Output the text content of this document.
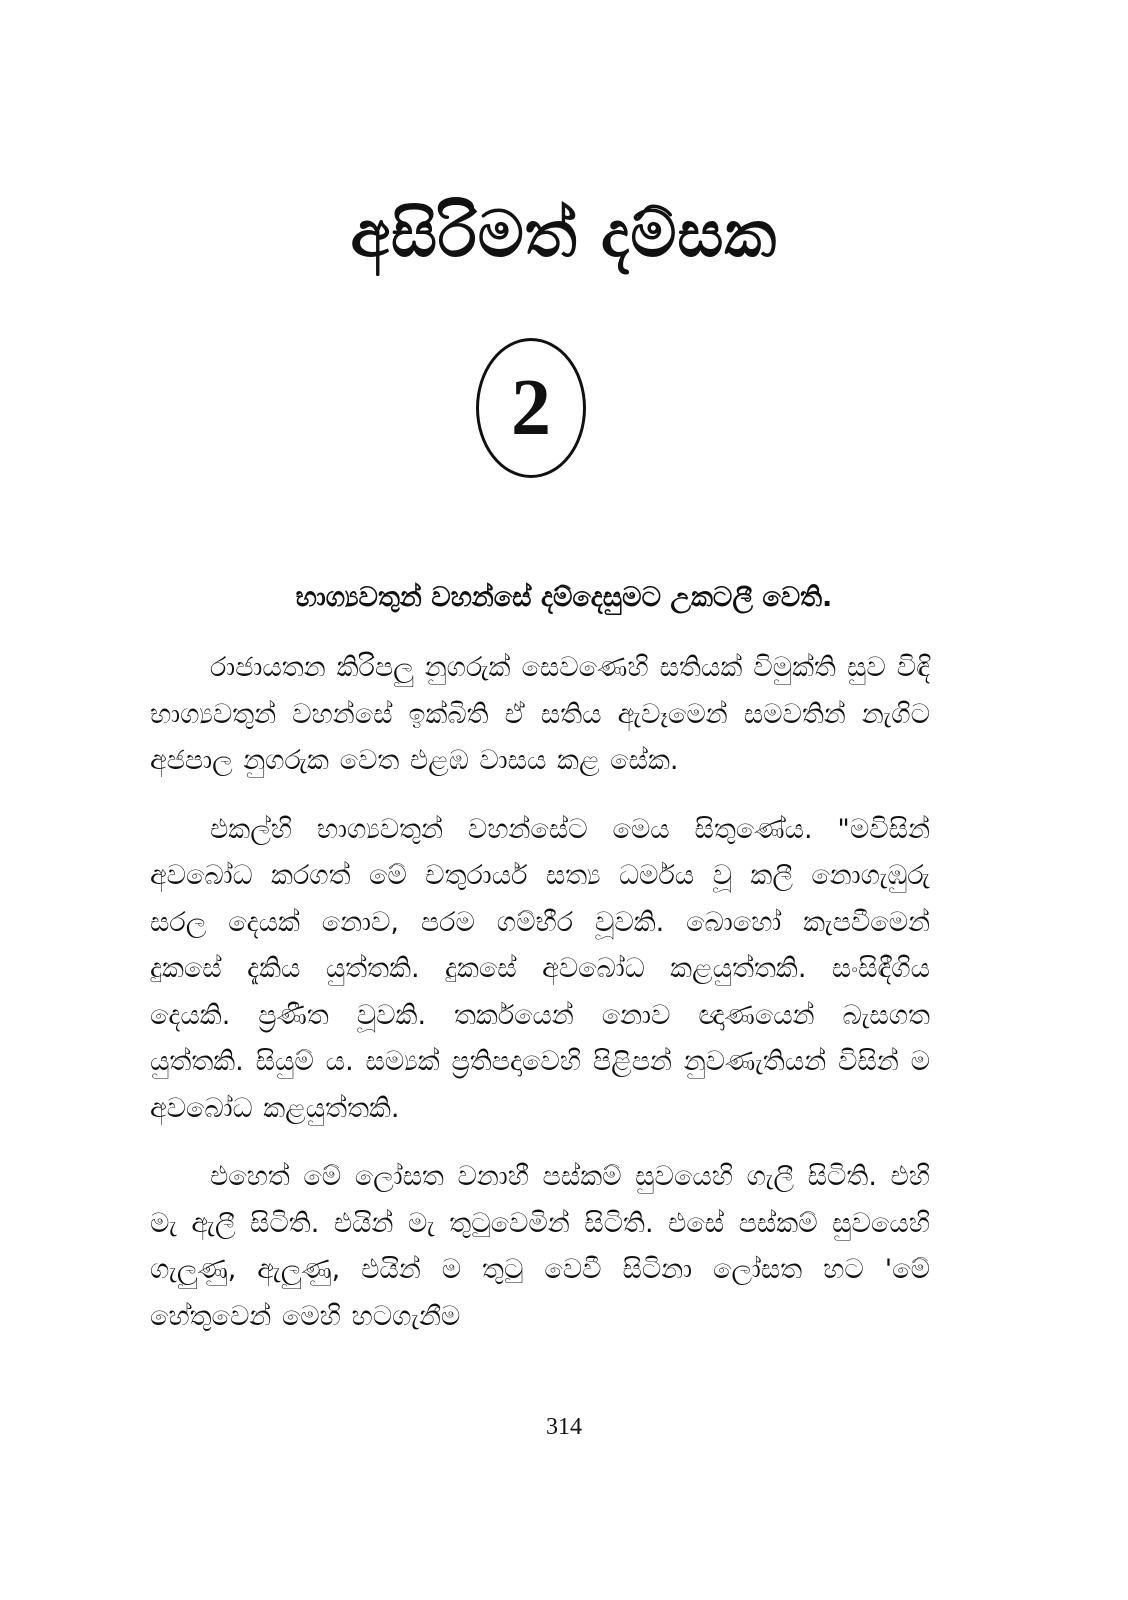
අසිරිමත් දම්සක
2
භාග්‍යවතුන් වහන්සේ දම්දෙසුමට උකටලී වෙති.

රාජායතන කිරිපලු නුගරුක් සෙවණෙහි සතියක් විමුක්ති සුව විඳි භාග්‍යවතුන් වහන්සේ ඉක්බිති ඒ සතිය ඇවෑමෙන් සමවතින් නැගිට අජපාල නුගරුක වෙත එළඹ වාසය කළ සේක.

එකල්හි භාග්‍යවතුන් වහන්සේට මෙය සිතුණේය. "මවිසින් අවබෝධ කරගත් මේ චතුරාර්ය සත්‍ය ධර්මය වූ කලී නොගැඹුරු සරල දෙයක් නොව, පරම ගම්භීර වූවකි. බොහෝ කැපවීමෙන් දුකසේ දැකිය යුත්තකි. දුකසේ අවබෝධ කළයුත්තකි. සංසිඳීගිය දෙයකි. ප්‍රණීත වූවකි. තර්කයෙන් නොව ඥාණයෙන් බැසගත යුත්තකි. සියුම් ය. සම්‍යක් ප්‍රතිපදාවෙහි පිළිපන් නුවණැතියන් විසින් ම අවබෝධ කළයුත්තකි.

එහෙත් මේ ලෝසත වනාහී පස්කම් සුවයෙහි ගැලී සිටිති. එහි මැ ඇලී සිටිති. එයින් මැ තුටුවෙමින් සිටිති. එසේ පස්කම් සුවයෙහි ගැලුණු, ඇලුණු, එයින් ම තුටු වෙවී සිටිනා ලෝසත හට 'මේ හේතුවෙන් මෙහි හටගැනීම

314
